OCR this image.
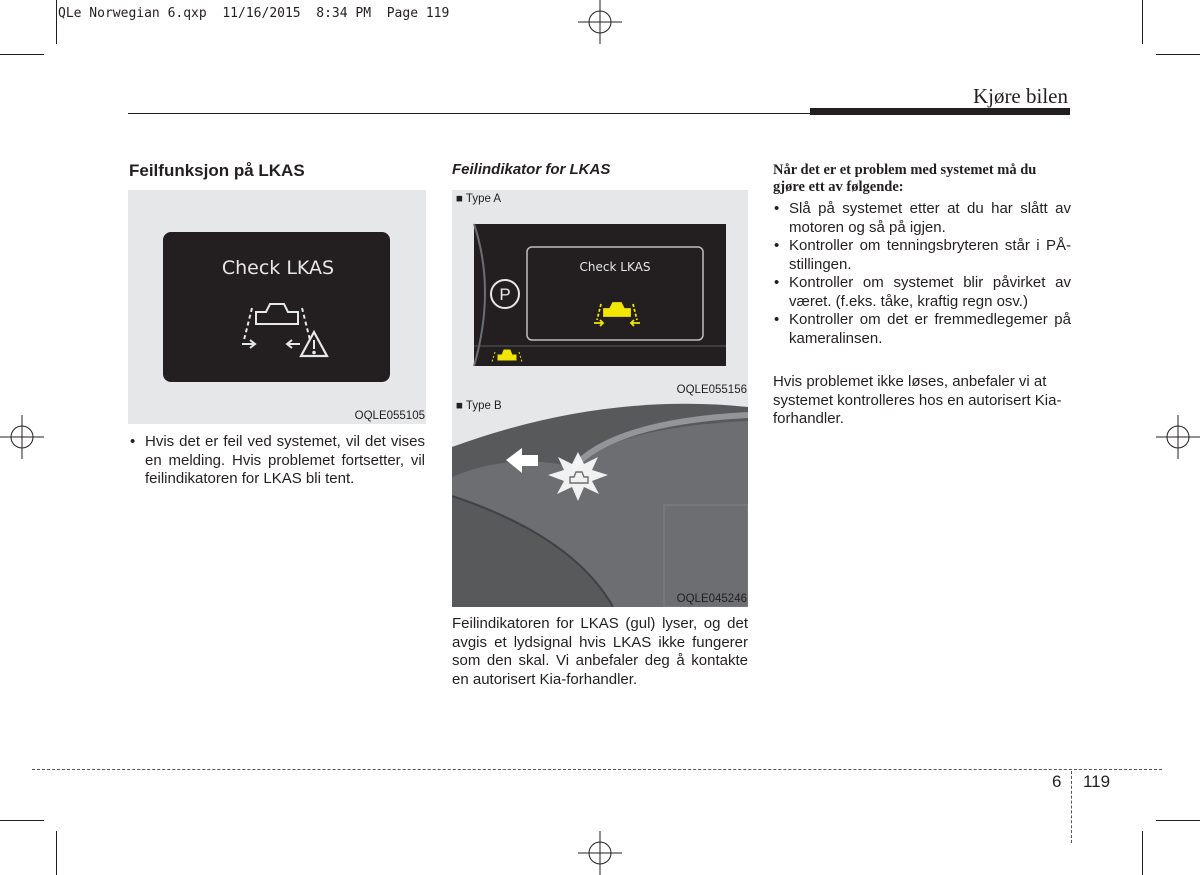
QLe Norwegian 6.qxp  11/16/2015  8:34 PM  Page 119
Kjøre bilen
Feilfunksjon på LKAS
Check LKAS
OQLE055105
• Hvis det er feil ved systemet, vil det vises en melding. Hvis problemet fortsetter, vil feilindikatoren for LKAS bli tent.
Feilindikator for LKAS
■ Type A
Check LKAS
P
OQLE055156
■ Type B
OQLE045246

Feilindikatoren for LKAS (gul) lyser, og det avgis et lydsignal hvis LKAS ikke fungerer som den skal. Vi anbefaler deg å kontakte en autorisert Kia-forhandler.

Når det er et problem med systemet må du gjøre ett av følgende:
• Slå på systemet etter at du har slått av motoren og så på igjen.
• Kontroller om tenningsbryteren står i PÅ-stillingen.
• Kontroller om systemet blir påvirket av været. (f.eks. tåke, kraftig regn osv.)
• Kontroller om det er fremmedlegemer på kameralinsen.

Hvis problemet ikke løses, anbefaler vi at systemet kontrolleres hos en autorisert Kia-forhandler.

6 119
